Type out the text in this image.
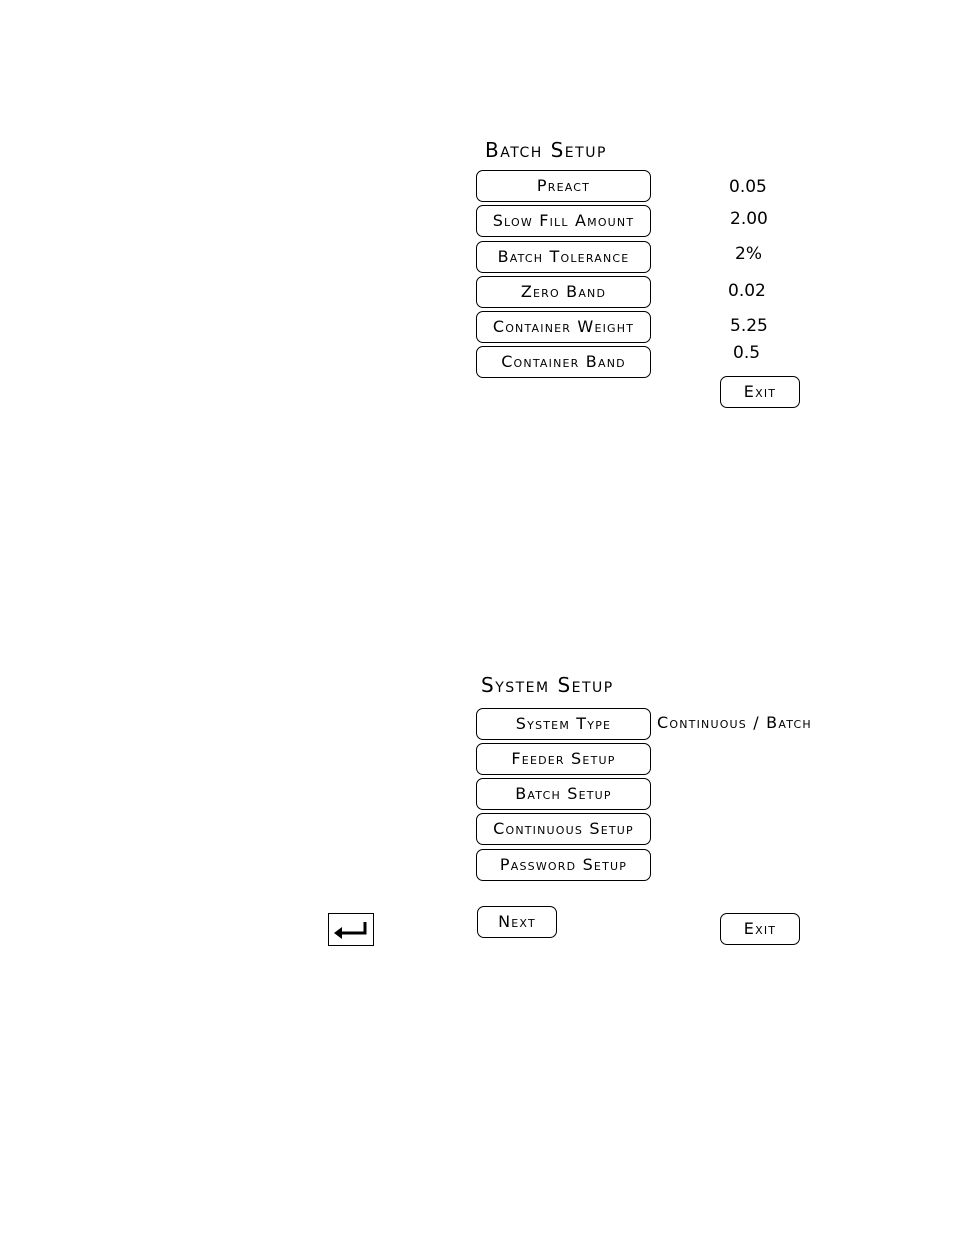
Batch Setup
Preact	0.05
Slow Fill Amount	2.00
Batch Tolerance	2%
Zero Band	0.02
Container Weight	5.25
Container Band	0.5
Exit
System Setup
System Type	Continuous / Batch
Feeder Setup
Batch Setup
Continuous Setup
Password Setup
Next	Exit
